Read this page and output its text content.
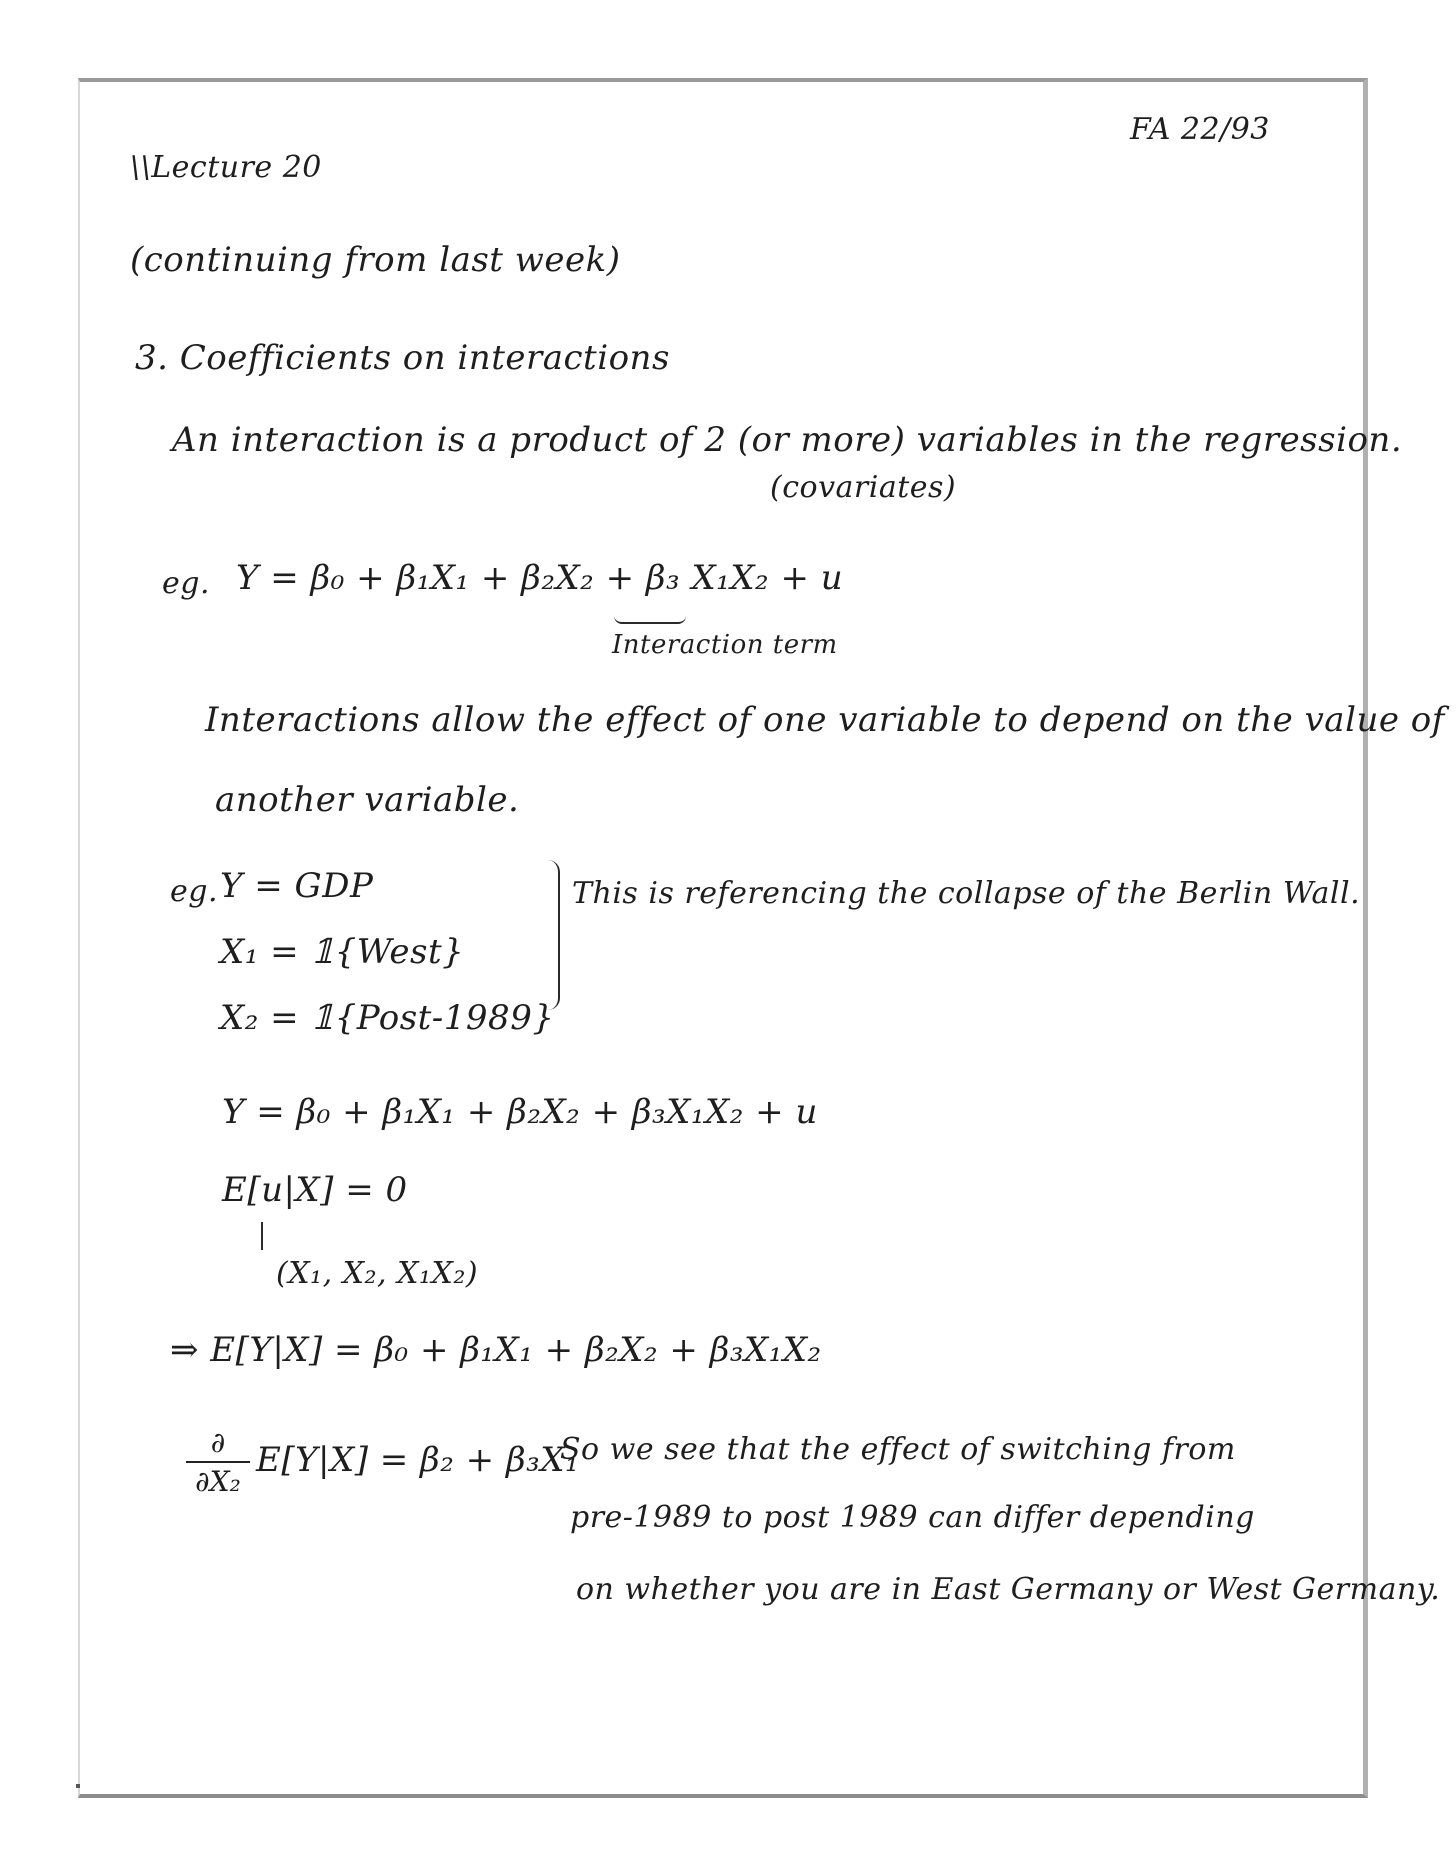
FA 22/93
\\Lecture 20
(continuing from last week)
3. Coefficients on interactions
An interaction is a product of 2 (or more) variables in the regression.
(covariates)
eg. Y = β₀ + β₁X₁ + β₂X₂ + β₃ X₁X₂ + u
Interaction term
Interactions allow the effect of one variable to depend on the value of
another variable.
eg. Y = GDP
X₁ = 𝟙{West}
X₂ = 𝟙{Post-1989}
This is referencing the collapse of the Berlin Wall.
Y = β₀ + β₁X₁ + β₂X₂ + β₃X₁X₂ + u
E[u|X] = 0
(X₁, X₂, X₁X₂)
⇒ E[Y|X] = β₀ + β₁X₁ + β₂X₂ + β₃X₁X₂
∂
∂X₂
E[Y|X] = β₂ + β₃X₁
So we see that the effect of switching from
pre-1989 to post 1989 can differ depending
on whether you are in East Germany or West Germany.
